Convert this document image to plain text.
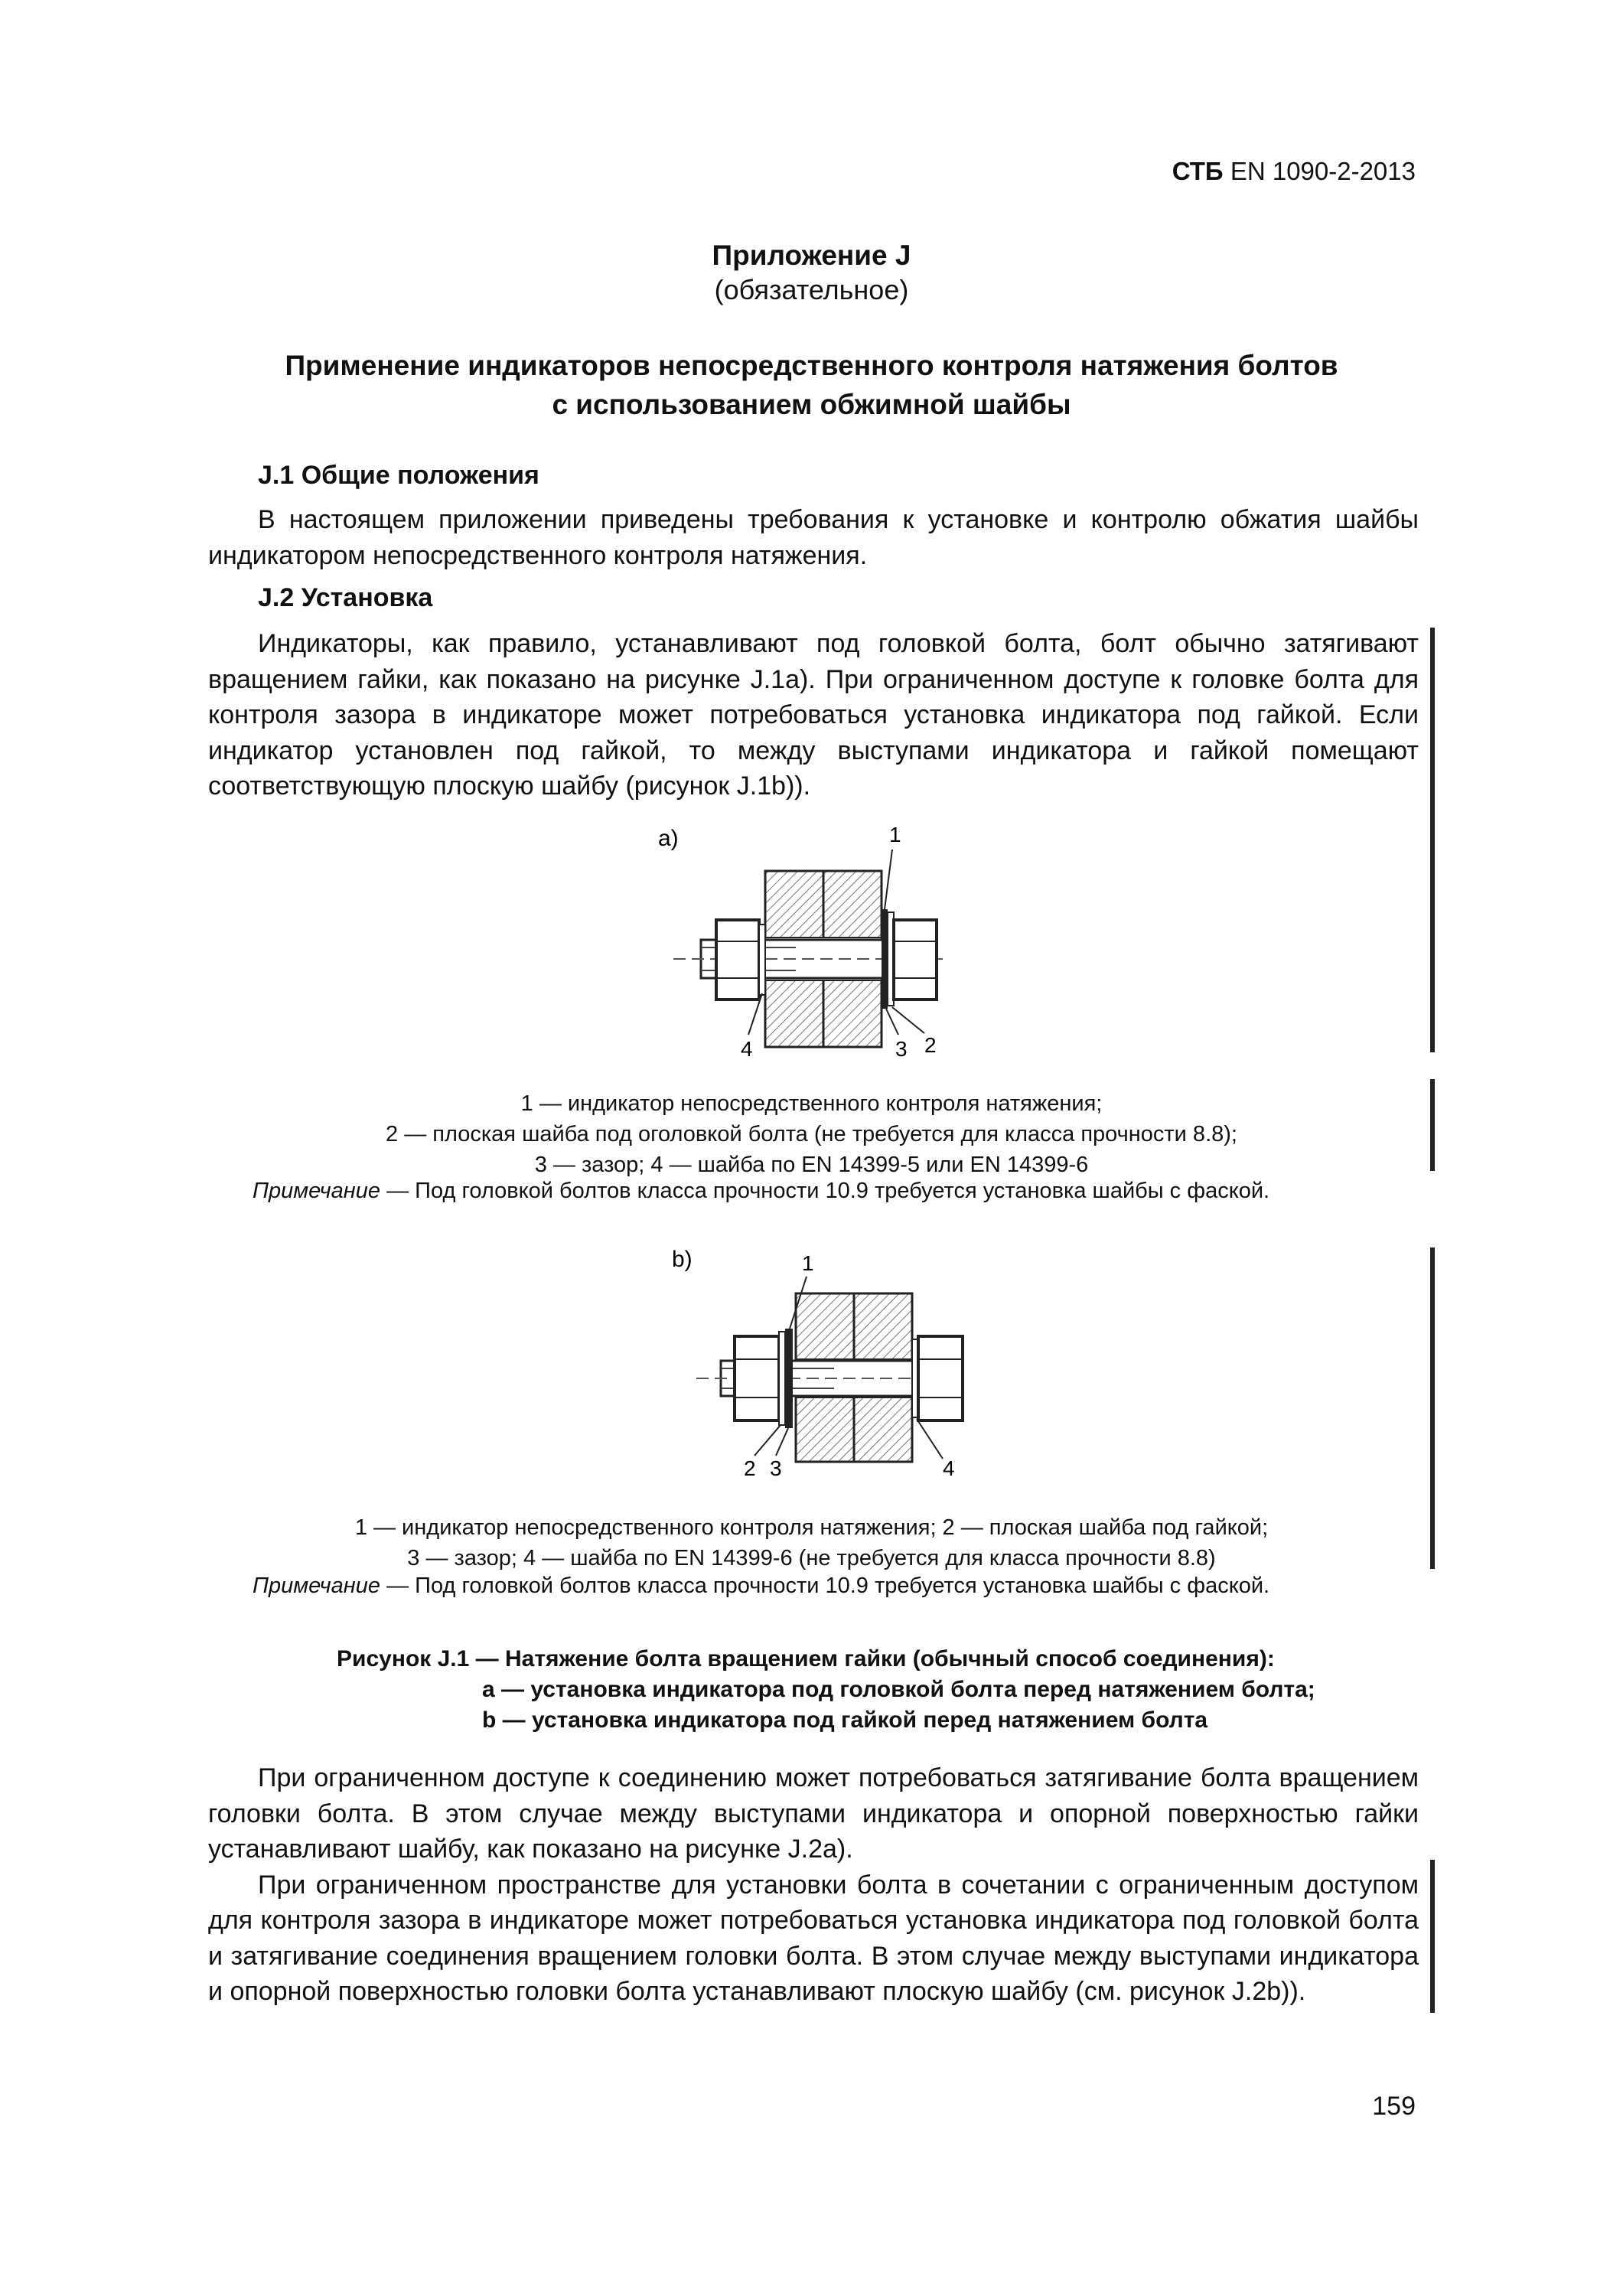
СТБ EN 1090-2-2013
Приложение J
(обязательное)
Применение индикаторов непосредственного контроля натяжения болтов
с использованием обжимной шайбы
J.1 Общие положения

В настоящем приложении приведены требования к установке и контролю обжатия шайбы индикатором непосредственного контроля натяжения.

J.2 Установка

Индикаторы, как правило, устанавливают под головкой болта, болт обычно затягивают вращением гайки, как показано на рисунке J.1a). При ограниченном доступе к головке болта для контроля зазора в индикаторе может потребоваться установка индикатора под гайкой. Если индикатор установлен под гайкой, то между выступами индикатора и гайкой помещают соответствующую плоскую шайбу (рисунок J.1b)).

a)	1
4	3 2
1 — индикатор непосредственного контроля натяжения;
2 — плоская шайба под оголовкой болта (не требуется для класса прочности 8.8);
3 — зазор; 4 — шайба по EN 14399-5 или EN 14399-6
Примечание — Под головкой болтов класса прочности 10.9 требуется установка шайбы с фаской.
b)	1
2 3	4
1 — индикатор непосредственного контроля натяжения; 2 — плоская шайба под гайкой;
3 — зазор; 4 — шайба по EN 14399-6 (не требуется для класса прочности 8.8)
Примечание — Под головкой болтов класса прочности 10.9 требуется установка шайбы с фаской.
Рисунок J.1 — Натяжение болта вращением гайки (обычный способ соединения):
a — установка индикатора под головкой болта перед натяжением болта;
b — установка индикатора под гайкой перед натяжением болта

При ограниченном доступе к соединению может потребоваться затягивание болта вращением головки болта. В этом случае между выступами индикатора и опорной поверхностью гайки устанавливают шайбу, как показано на рисунке J.2a).

При ограниченном пространстве для установки болта в сочетании с ограниченным доступом для контроля зазора в индикаторе может потребоваться установка индикатора под головкой болта и затягивание соединения вращением головки болта. В этом случае между выступами индикатора и опорной поверхностью головки болта устанавливают плоскую шайбу (см. рисунок J.2b)).

159
